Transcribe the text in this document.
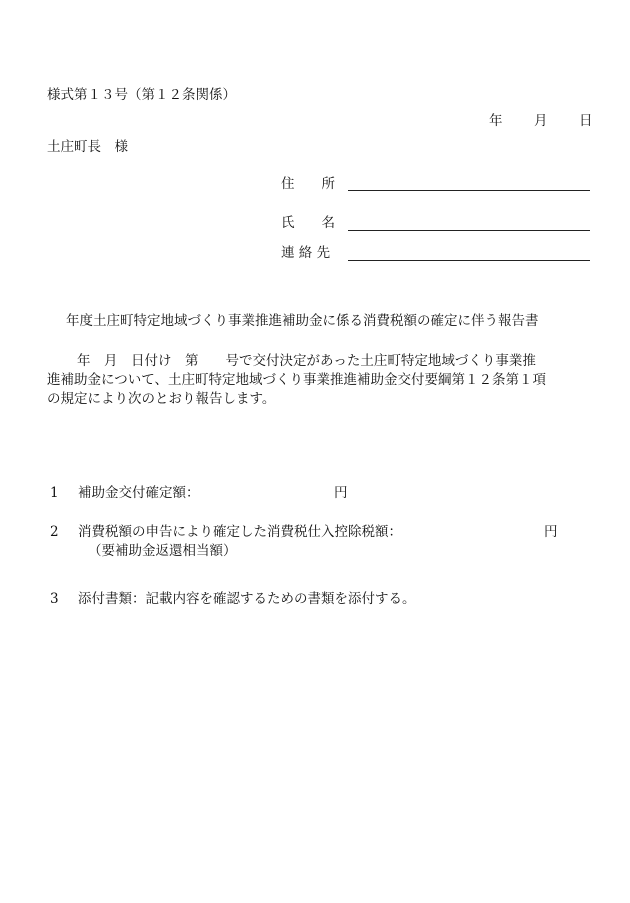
様式第１３号（第１２条関係）
年 月 日
土庄町長　様
住　　所
氏　　名
連 絡 先
年度土庄町特定地域づくり事業推進補助金に係る消費税額の確定に伴う報告書
年　月　日付け　第　　号で交付決定があった土庄町特定地域づくり事業推
進補助金について、土庄町特定地域づくり事業推進補助金交付要綱第１２条第１項
の規定により次のとおり報告します。
1 補助金交付確定額：	円
2 消費税額の申告により確定した消費税仕入控除税額：	円
（要補助金返還相当額）
3 添付書類：記載内容を確認するための書類を添付する。
